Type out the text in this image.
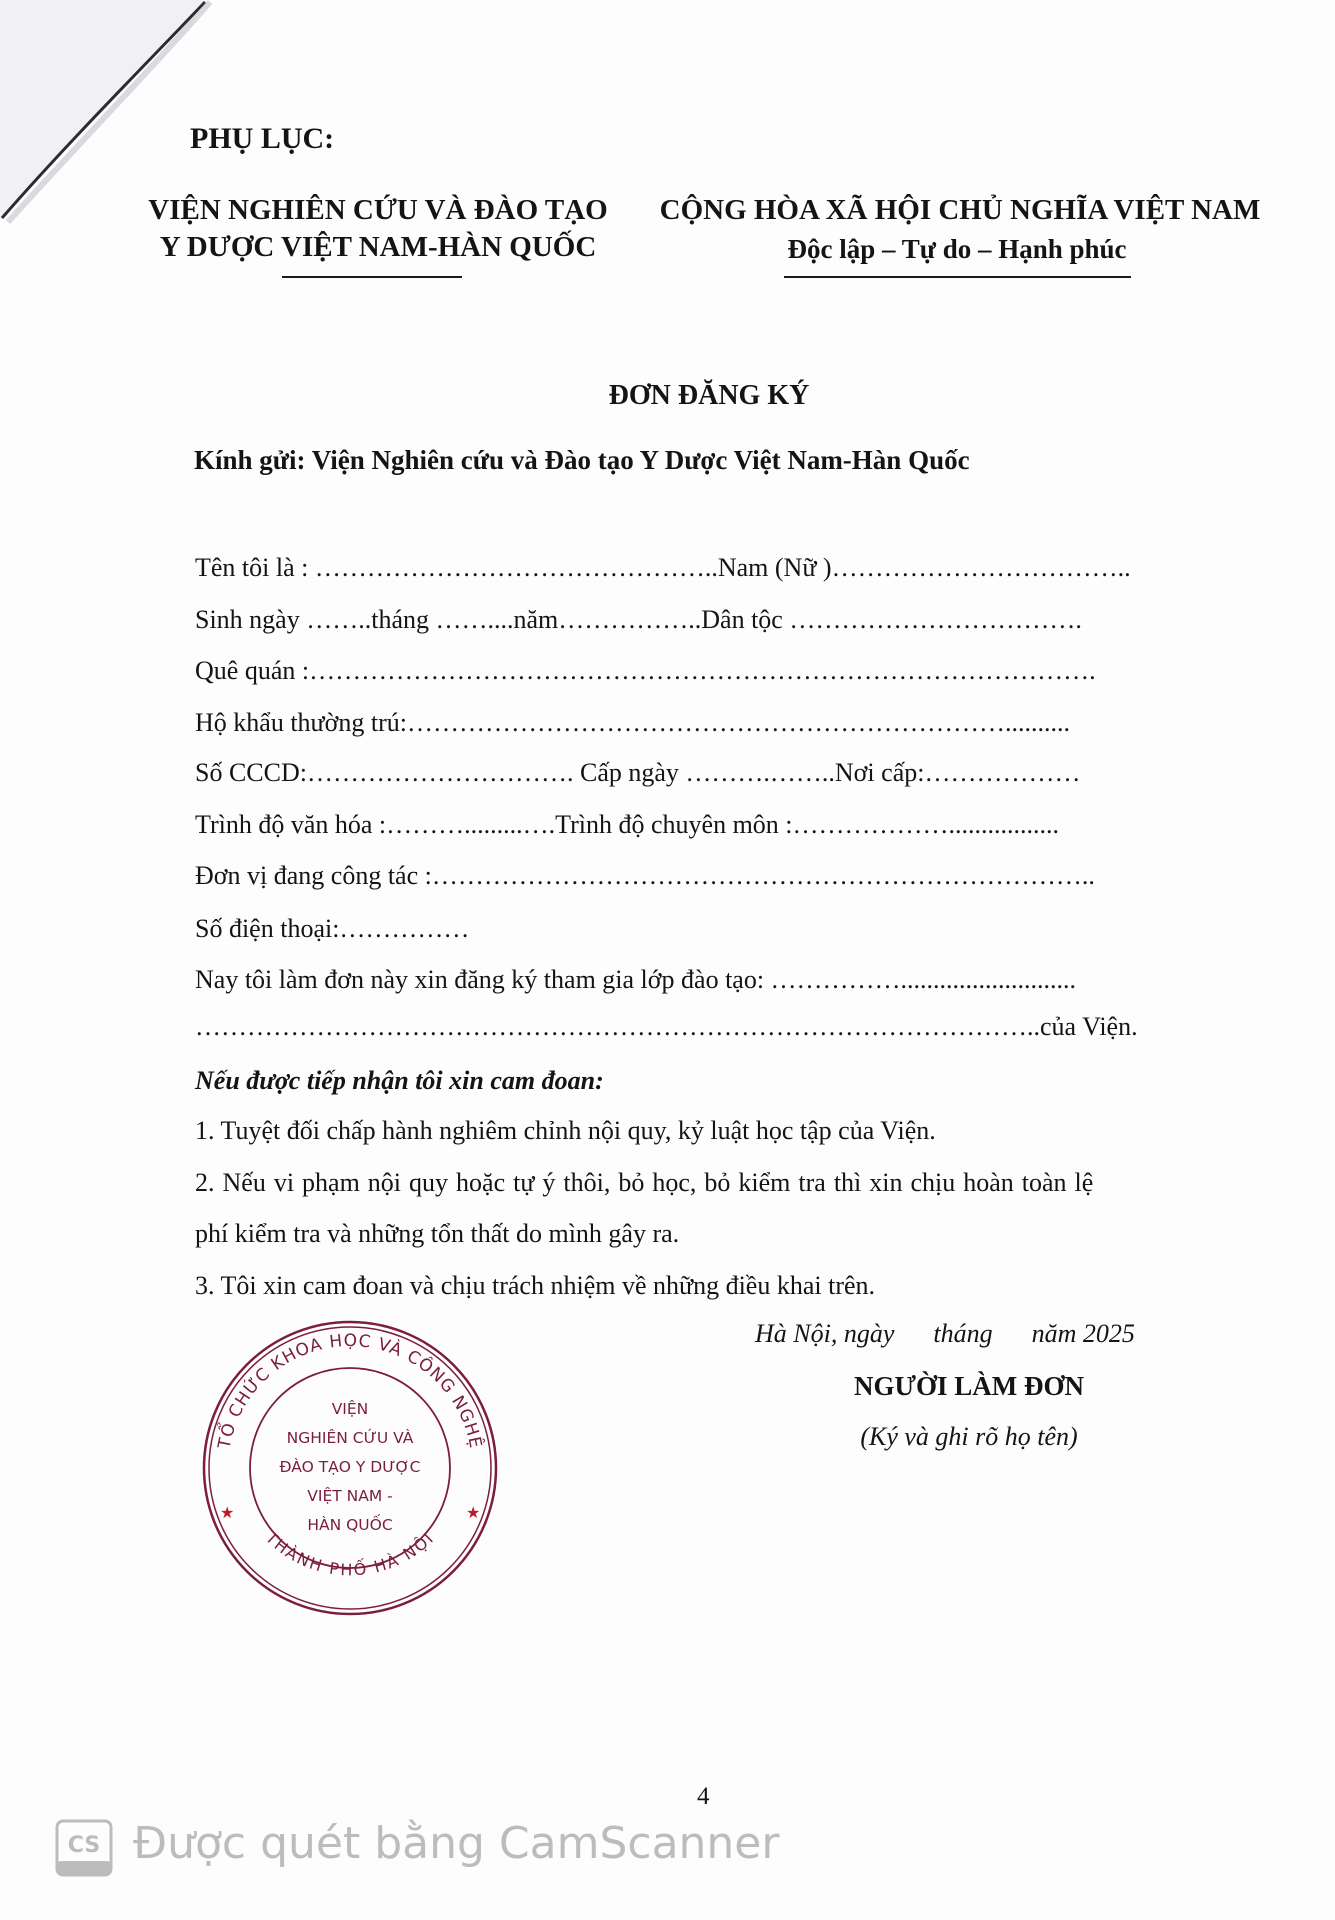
PHỤ LỤC:
VIỆN NGHIÊN CỨU VÀ ĐÀO TẠO
Y DƯỢC VIỆT NAM-HÀN QUỐC
CỘNG HÒA XÃ HỘI CHỦ NGHĨA VIỆT NAM
Độc lập – Tự do – Hạnh phúc
ĐƠN ĐĂNG KÝ
Kính gửi: Viện Nghiên cứu và Đào tạo Y Dược Việt Nam-Hàn Quốc
Tên tôi là : ………………………………………..Nam (Nữ )……………………………..
Sinh ngày ……..tháng ……....năm……………..Dân tộc …………………………….
Quê quán :……………………………………………………………………………….
Hộ khẩu thường trú:……………………………………………………………..........
Số CCCD:…………………………. Cấp ngày ……….……..Nơi cấp:………………
Trình độ văn hóa :……….........….Trình độ chuyên môn :……………….................
Đơn vị đang công tác :…………………………………………………………………..
Số điện thoại:……………
Nay tôi làm đơn này xin đăng ký tham gia lớp đào tạo: ……………...........................
……………………………………………………………………………………..của Viện.
Nếu được tiếp nhận tôi xin cam đoan:
1. Tuyệt đối chấp hành nghiêm chỉnh nội quy, kỷ luật học tập của Viện.
2. Nếu vi phạm nội quy hoặc tự ý thôi, bỏ học, bỏ kiểm tra thì xin chịu hoàn toàn lệ
phí kiểm tra và những tổn thất do mình gây ra.
3. Tôi xin cam đoan và chịu trách nhiệm về những điều khai trên.
Hà Nội, ngày      tháng      năm 2025
NGƯỜI LÀM ĐƠN
(Ký và ghi rõ họ tên)
TỔ CHỨC KHOA HỌC VÀ CÔNG NGHỆ
THÀNH PHỐ HÀ NỘI
VIỆN
NGHIÊN CỨU VÀ
ĐÀO TẠO Y DƯỢC
VIỆT NAM -
HÀN QUỐC
★	★
4
CS Được quét bằng CamScanner
